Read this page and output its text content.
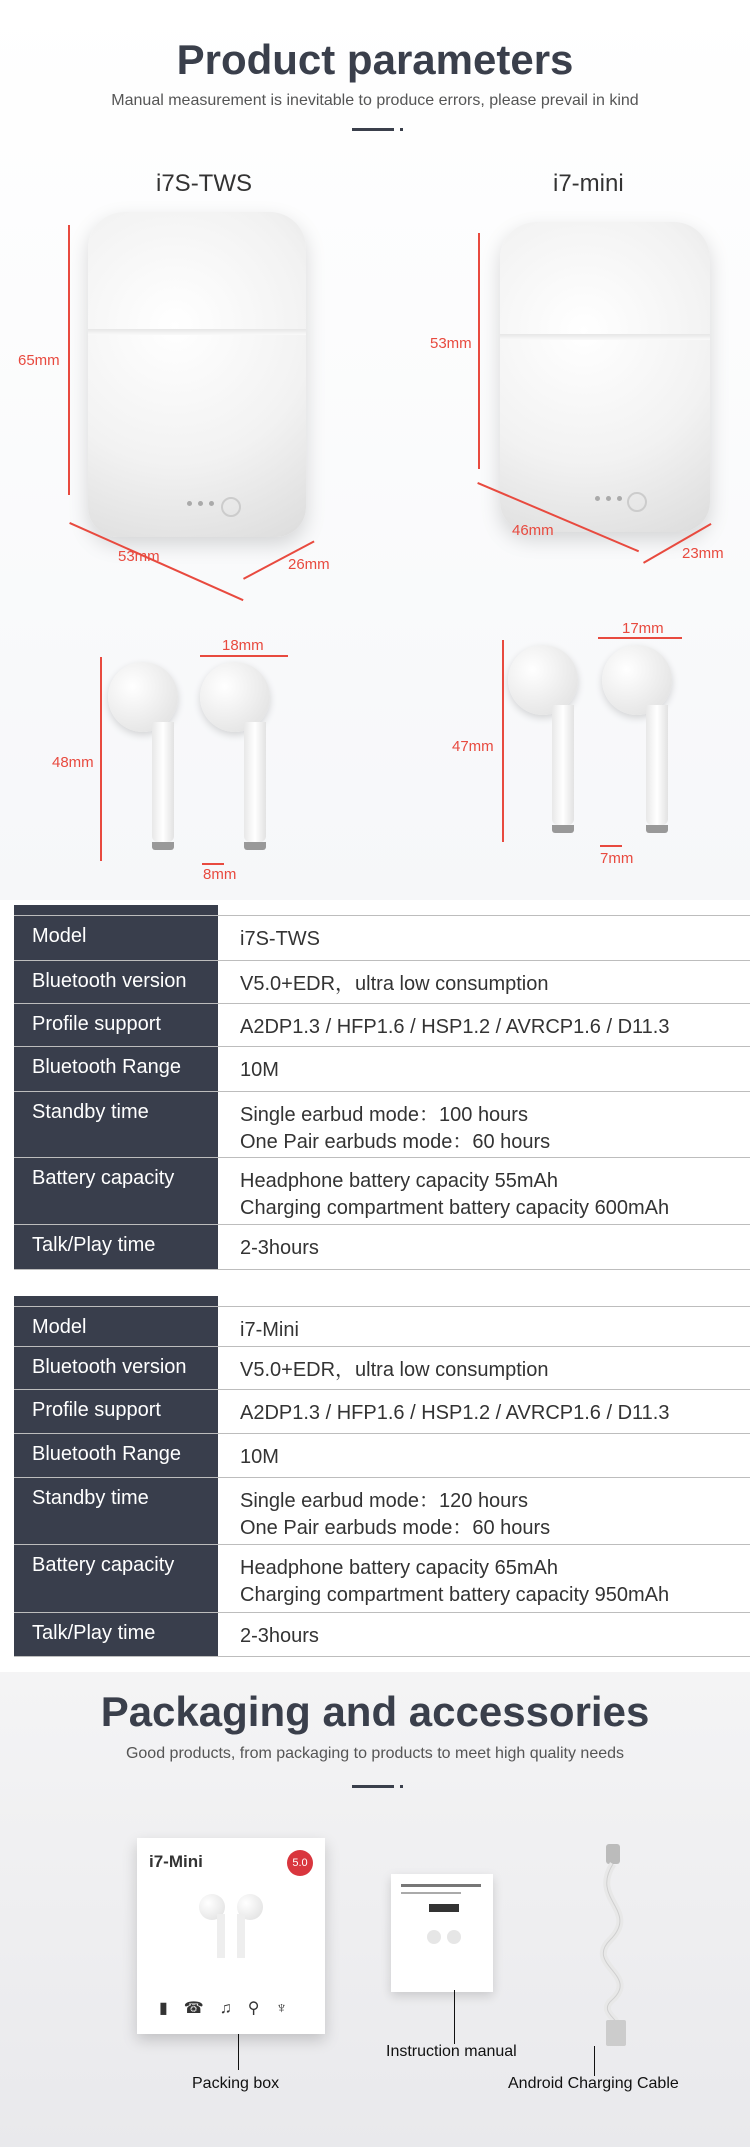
Product parameters
Manual measurement is inevitable to produce errors, please prevail in kind
i7S-TWS	i7-mini
65mm
53mm	26mm
53mm
46mm
23mm
48mm
18mm
8mm
47mm
17mm
7mm
Model	i7S-TWS
Bluetooth version	V5.0+EDR，ultra low consumption
Profile support	A2DP1.3 / HFP1.6 / HSP1.2 / AVRCP1.6 / D11.3
Bluetooth Range	10M
Standby time	Single earbud mode：100 hours
One Pair earbuds mode：60 hours
Battery capacity	Headphone battery capacity 55mAh
Charging compartment battery capacity 600mAh
Talk/Play time	2-3hours
Model	i7-Mini
Bluetooth version	V5.0+EDR，ultra low consumption
Profile support	A2DP1.3 / HFP1.6 / HSP1.2 / AVRCP1.6 / D11.3
Bluetooth Range	10M
Standby time	Single earbud mode：120 hours
One Pair earbuds mode：60 hours
Battery capacity	Headphone battery capacity 65mAh
Charging compartment battery capacity 950mAh
Talk/Play time	2-3hours
Packaging and accessories
Good products, from packaging to products to meet high quality needs
i7-Mini	5.0
▮☎♫⚲♆
Packing box
Instruction manual
Android Charging Cable
